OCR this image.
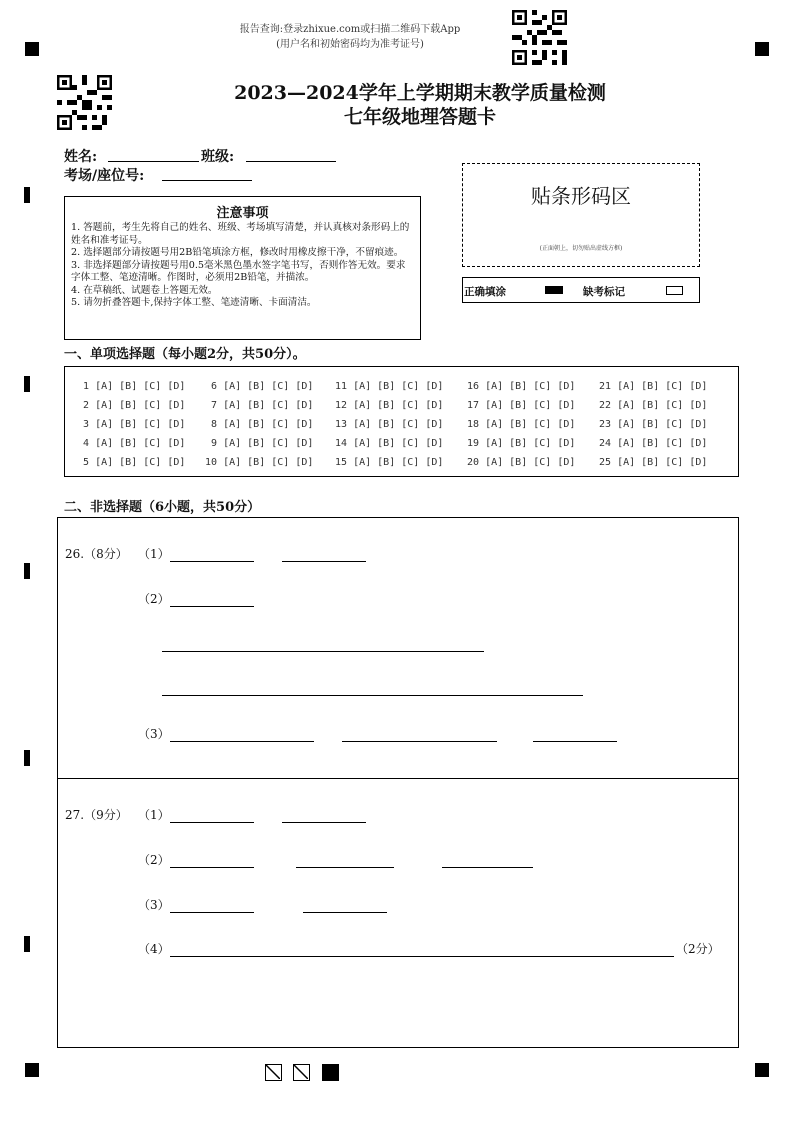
报告查询:登录zhixue.com或扫描二维码下载App
(用户名和初始密码均为准考证号)
2023—2024学年上学期期末教学质量检测
七年级地理答题卡
姓名:	班级:
考场/座位号:
注意事项
1. 答题前，考生先将自己的姓名、班级、考场填写清楚，并认真核对条形码上的姓名和准考证号。
2. 选择题部分请按题号用2B铅笔填涂方框，修改时用橡皮擦干净，不留痕迹。
3. 非选择题部分请按题号用0.5毫米黑色墨水签字笔书写，否则作答无效。要求字体工整、笔迹清晰。作图时，必须用2B铅笔，并描浓。
4. 在草稿纸、试题卷上答题无效。
5. 请勿折叠答题卡,保持字体工整、笔迹清晰、卡面清洁。
贴条形码区
(正面朝上，切勿贴出虚线方框)
正确填涂	缺考标记
一、单项选择题（每小题2分，共50分）。
1 [A] [B] [C] [D]
2 [A] [B] [C] [D]
3 [A] [B] [C] [D]
4 [A] [B] [C] [D]
5 [A] [B] [C] [D]
6 [A] [B] [C] [D]
7 [A] [B] [C] [D]
8 [A] [B] [C] [D]
9 [A] [B] [C] [D]
10 [A] [B] [C] [D]
11 [A] [B] [C] [D]
12 [A] [B] [C] [D]
13 [A] [B] [C] [D]
14 [A] [B] [C] [D]
15 [A] [B] [C] [D]
16 [A] [B] [C] [D]
17 [A] [B] [C] [D]
18 [A] [B] [C] [D]
19 [A] [B] [C] [D]
20 [A] [B] [C] [D]
21 [A] [B] [C] [D]
22 [A] [B] [C] [D]
23 [A] [B] [C] [D]
24 [A] [B] [C] [D]
25 [A] [B] [C] [D]
二、非选择题（6小题，共50分）
26.（8分） （1）
（2）
（3）
27.（9分） （1）
（2）
（3）
（4）	（2分）
